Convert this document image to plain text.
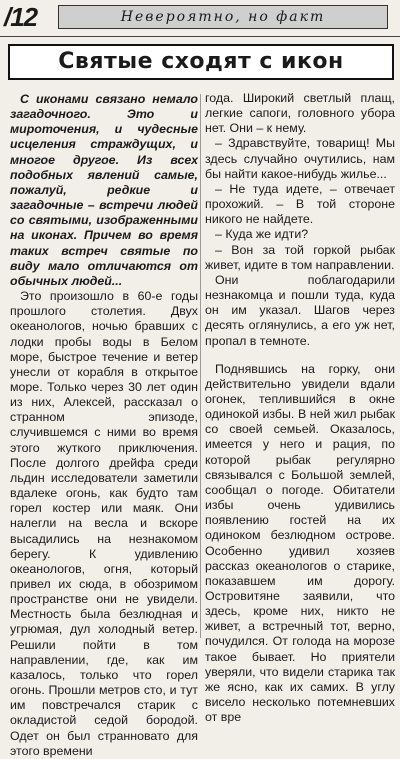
/12	Невероятно, но факт
Святые сходят с икон

С иконами связано немало загадочного. Это и мироточения, и чудесные исцеления страждущих, и многое другое. Из всех подобных явлений самые, пожалуй, редкие и загадочные – встречи людей со святыми, изображенными на иконах. Причем во время таких встреч святые по виду мало отличаются от обычных людей...

Это произошло в 60-е годы прошлого столетия. Двух океанологов, ночью бравших с лодки пробы воды в Белом море, быстрое течение и ветер унесли от корабля в открытое море. Только через 30 лет один из них, Алексей, рассказал о странном эпизоде, случившемся с ними во время этого жуткого приключения. После долгого дрейфа среди льдин исследователи заметили вдалеке огонь, как будто там горел костер или маяк. Они налегли на весла и вскоре высадились на незнакомом берегу. К удивлению океанологов, огня, который привел их сюда, в обозримом пространстве они не увидели. Местность была безлюдная и угрюмая, дул холодный ветер. Решили пойти в том направлении, где, как им казалось, только что горел огонь. Прошли метров сто, и тут им повстречался старик с окладистой седой бородой. Одет он был странновато для этого времени

года. Широкий светлый плащ, легкие сапоги, головного убора нет. Они – к нему.

– Здравствуйте, товарищ! Мы здесь случайно очутились, нам бы найти какое-нибудь жилье...

– Не туда идете, – отвечает прохожий. – В той стороне никого не найдете.

– Куда же идти?

– Вон за той горкой рыбак живет, идите в том направлении.

Они поблагодарили незнакомца и пошли туда, куда он им указал. Шагов через десять оглянулись, а его уж нет, пропал в темноте.

Поднявшись на горку, они действительно увидели вдали огонек, теплившийся в окне одинокой избы. В ней жил рыбак со своей семьей. Оказалось, имеется у него и рация, по которой рыбак регулярно связывался с Большой землей, сообщал о погоде. Обитатели избы очень удивились появлению гостей на их одиноком безлюдном острове. Особенно удивил хозяев рассказ океанологов о старике, показавшем им дорогу. Островитяне заявили, что здесь, кроме них, никто не живет, а встречный тот, верно, почудился. От голода на морозе такое бывает. Но приятели уверяли, что видели старика так же ясно, как их самих. В углу висело несколько потемневших от вре
